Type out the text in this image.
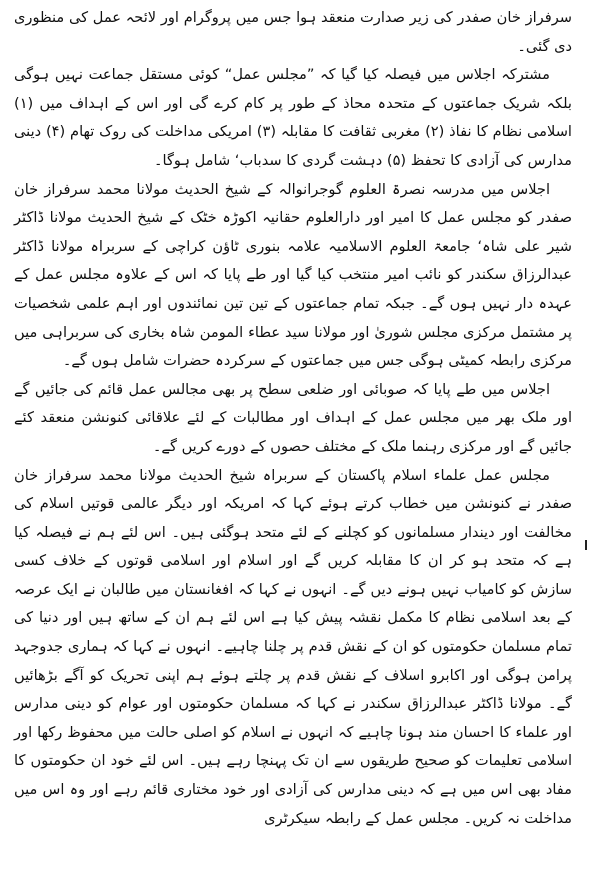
سرفراز خان صفدر کی زیر صدارت منعقد ہوا جس میں پروگرام اور لائحہ عمل کی منظوری دی گئی۔

مشترکہ اجلاس میں فیصلہ کیا گیا کہ ”مجلس عمل“ کوئی مستقل جماعت نہیں ہوگی بلکہ شریک جماعتوں کے متحدہ محاذ کے طور پر کام کرے گی اور اس کے اہداف میں (۱) اسلامی نظام کا نفاذ (۲) مغربی ثقافت کا مقابلہ (۳) امریکی مداخلت کی روک تھام (۴) دینی مدارس کی آزادی کا تحفظ (۵) دہشت گردی کا سدباب‘ شامل ہوگا۔

اجلاس میں مدرسہ نصرۃ العلوم گوجرانوالہ کے شیخ الحدیث مولانا محمد سرفراز خان صفدر کو مجلس عمل کا امیر اور دارالعلوم حقانیہ اکوڑہ خٹک کے شیخ الحدیث مولانا ڈاکٹر شیر علی شاہ‘ جامعۃ العلوم الاسلامیہ علامہ بنوری ٹاؤن کراچی کے سربراہ مولانا ڈاکٹر عبدالرزاق سکندر کو نائب امیر منتخب کیا گیا اور طے پایا کہ اس کے علاوہ مجلس عمل کے عہدہ دار نہیں ہوں گے۔ جبکہ تمام جماعتوں کے تین تین نمائندوں اور اہم علمی شخصیات پر مشتمل مرکزی مجلس شوریٰ اور مولانا سید عطاء المومن شاہ بخاری کی سربراہی میں مرکزی رابطہ کمیٹی ہوگی جس میں جماعتوں کے سرکردہ حضرات شامل ہوں گے۔

اجلاس میں طے پایا کہ صوبائی اور ضلعی سطح پر بھی مجالس عمل قائم کی جائیں گے اور ملک بھر میں مجلس عمل کے اہداف اور مطالبات کے لئے علاقائی کنونشن منعقد کئے جائیں گے اور مرکزی رہنما ملک کے مختلف حصوں کے دورے کریں گے۔

مجلس عمل علماء اسلام پاکستان کے سربراہ شیخ الحدیث مولانا محمد سرفراز خان صفدر نے کنونشن میں خطاب کرتے ہوئے کہا کہ امریکہ اور دیگر عالمی قوتیں اسلام کی مخالفت اور دیندار مسلمانوں کو کچلنے کے لئے متحد ہوگئی ہیں۔ اس لئے ہم نے فیصلہ کیا ہے کہ متحد ہو کر ان کا مقابلہ کریں گے اور اسلام اور اسلامی قوتوں کے خلاف کسی سازش کو کامیاب نہیں ہونے دیں گے۔ انہوں نے کہا کہ افغانستان میں طالبان نے ایک عرصہ کے بعد اسلامی نظام کا مکمل نقشہ پیش کیا ہے اس لئے ہم ان کے ساتھ ہیں اور دنیا کی تمام مسلمان حکومتوں کو ان کے نقش قدم پر چلنا چاہیے۔ انہوں نے کہا کہ ہماری جدوجہد پرامن ہوگی اور اکابرو اسلاف کے نقش قدم پر چلتے ہوئے ہم اپنی تحریک کو آگے بڑھائیں گے۔ مولانا ڈاکٹر عبدالرزاق سکندر نے کہا کہ مسلمان حکومتوں اور عوام کو دینی مدارس اور علماء کا احسان مند ہونا چاہیے کہ انہوں نے اسلام کو اصلی حالت میں محفوظ رکھا اور اسلامی تعلیمات کو صحیح طریقوں سے ان تک پہنچا رہے ہیں۔ اس لئے خود ان حکومتوں کا مفاد بھی اس میں ہے کہ دینی مدارس کی آزادی اور خود مختاری قائم رہے اور وہ اس میں مداخلت نہ کریں۔ مجلس عمل کے رابطہ سیکرٹری
